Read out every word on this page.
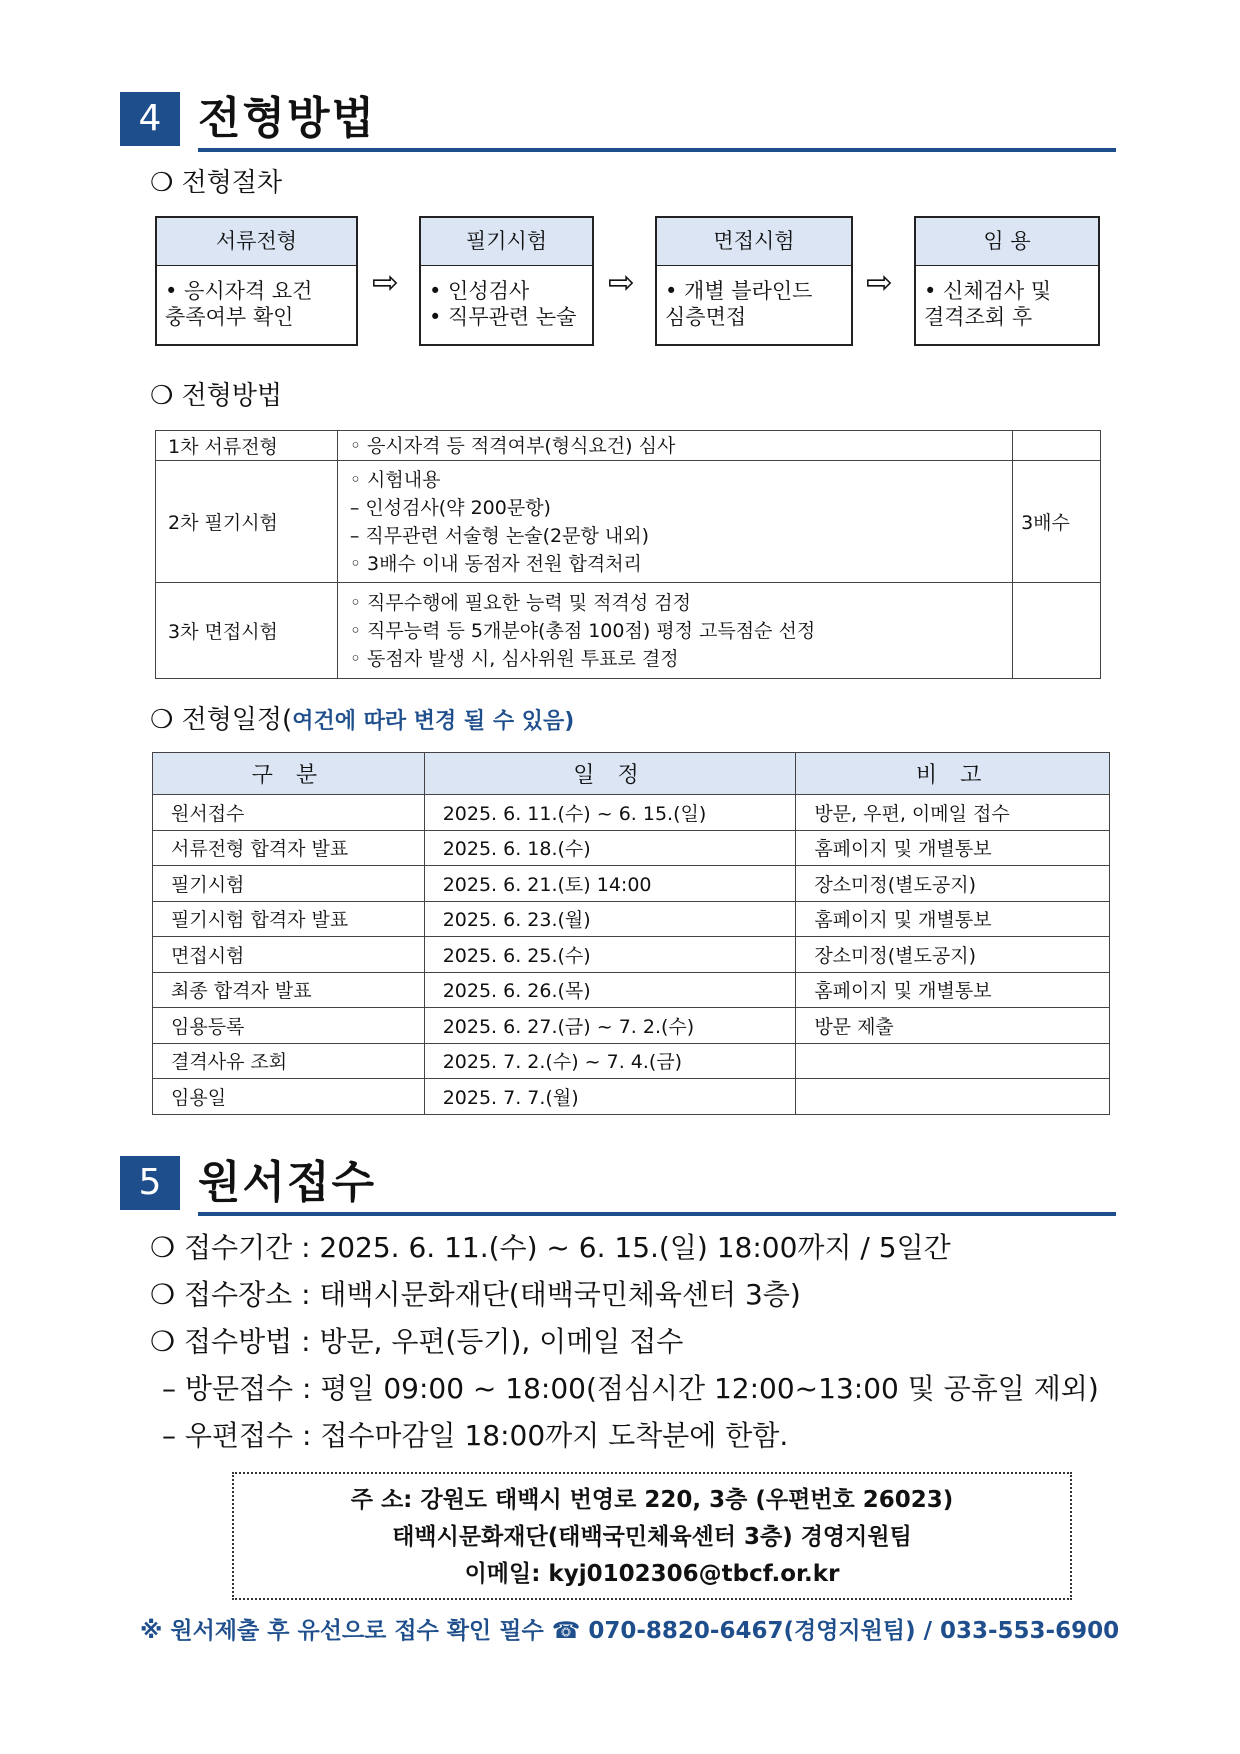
4 전형방법
❍ 전형절차
서류전형
• 응시자격 요건
충족여부 확인
⇨
필기시험
• 인성검사
• 직무관련 논술
⇨
면접시험
• 개별 블라인드
심층면접
⇨
임 용
• 신체검사 및
결격조회 후
❍ 전형방법
1차 서류전형	◦ 응시자격 등 적격여부(형식요건) 심사	

2차 필기시험	◦ 시험내용
– 인성검사(약 200문항)
– 직무관련 서술형 논술(2문항 내외)
◦ 3배수 이내 동점자 전원 합격처리	3배수
3차 면접시험	◦ 직무수행에 필요한 능력 및 적격성 검정
◦ 직무능력 등 5개분야(총점 100점) 평정 고득점순 선정
◦ 동점자 발생 시, 심사위원 투표로 결정	

❍ 전형일정(여건에 따라 변경 될 수 있음)
구 분	일 정	비 고
원서접수	2025. 6. 11.(수) ~ 6. 15.(일)	방문, 우편, 이메일 접수
서류전형 합격자 발표	2025. 6. 18.(수)	홈페이지 및 개별통보
필기시험	2025. 6. 21.(토) 14:00	장소미정(별도공지)
필기시험 합격자 발표	2025. 6. 23.(월)	홈페이지 및 개별통보
면접시험	2025. 6. 25.(수)	장소미정(별도공지)
최종 합격자 발표	2025. 6. 26.(목)	홈페이지 및 개별통보
임용등록	2025. 6. 27.(금) ~ 7. 2.(수)	방문 제출
결격사유 조회	2025. 7. 2.(수) ~ 7. 4.(금)	
임용일	2025. 7. 7.(월)	
5 원서접수
❍ 접수기간 : 2025. 6. 11.(수) ~ 6. 15.(일) 18:00까지 / 5일간
❍ 접수장소 : 태백시문화재단(태백국민체육센터 3층)
❍ 접수방법 : 방문, 우편(등기), 이메일 접수
– 방문접수 : 평일 09:00 ~ 18:00(점심시간 12:00~13:00 및 공휴일 제외)
– 우편접수 : 접수마감일 18:00까지 도착분에 한함.
주 소: 강원도 태백시 번영로 220, 3층 (우편번호 26023)
태백시문화재단(태백국민체육센터 3층) 경영지원팀
이메일: kyj0102306@tbcf.or.kr
※ 원서제출 후 유선으로 접수 확인 필수 ☎ 070-8820-6467(경영지원팀) / 033-553-6900
